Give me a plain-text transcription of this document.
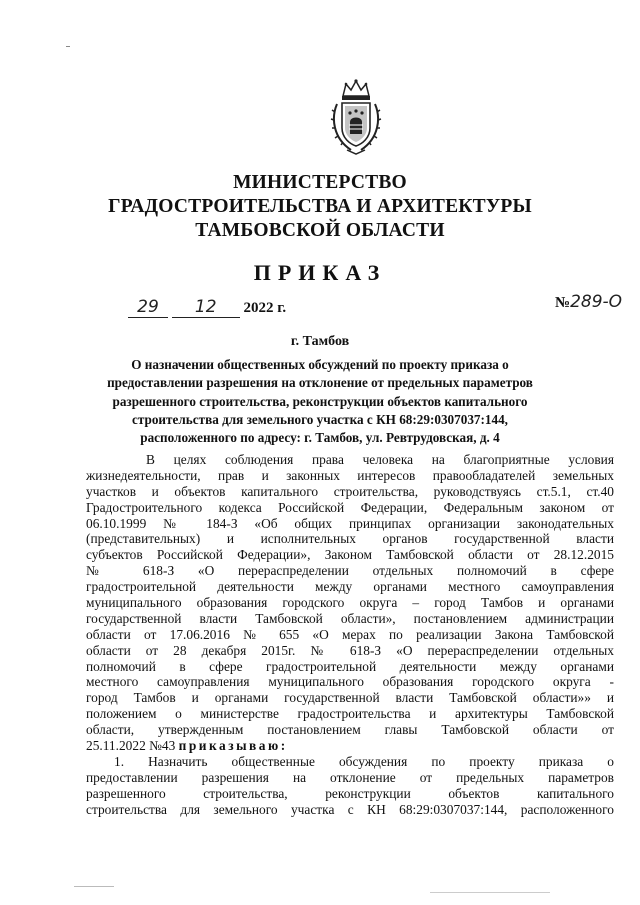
МИНИСТЕРСТВО
ГРАДОСТРОИТЕЛЬСТВА И АРХИТЕКТУРЫ
ТАМБОВСКОЙ ОБЛАСТИ
ПРИКАЗ
29 12 2022 г.	№289-О
г. Тамбов
О назначении общественных обсуждений по проекту приказа о
предоставлении разрешения на отклонение от предельных параметров
разрешенного строительства, реконструкции объектов капитального
строительства для земельного участка с КН 68:29:0307037:144,
расположенного по адресу: г. Тамбов, ул. Ревтрудовская, д. 4
В целях соблюдения права человека на благоприятные условия
жизнедеятельности, прав и законных интересов правообладателей земельных
участков и объектов капитального строительства, руководствуясь ст.5.1, ст.40
Градостроительного кодекса Российской Федерации, Федеральным законом от
06.10.1999 № 184-З «Об общих принципах организации законодательных
(представительных) и исполнительных органов государственной власти
субъектов Российской Федерации», Законом Тамбовской области от 28.12.2015
№ 618-З «О перераспределении отдельных полномочий в сфере
градостроительной деятельности между органами местного самоуправления
муниципального образования городского округа – город Тамбов и органами
государственной власти Тамбовской области», постановлением администрации
области от 17.06.2016 № 655 «О мерах по реализации Закона Тамбовской
области от 28 декабря 2015г. № 618-З «О перераспределении отдельных
полномочий в сфере градостроительной деятельности между органами
местного самоуправления муниципального образования городского округа -
город Тамбов и органами государственной власти Тамбовской области»» и
положением о министерстве градостроительства и архитектуры Тамбовской
области, утвержденным постановлением главы Тамбовской области от
25.11.2022 №43 приказываю:
1. Назначить общественные обсуждения по проекту приказа о
предоставлении разрешения на отклонение от предельных параметров
разрешенного строительства, реконструкции объектов капитального
строительства для земельного участка с КН 68:29:0307037:144, расположенного
